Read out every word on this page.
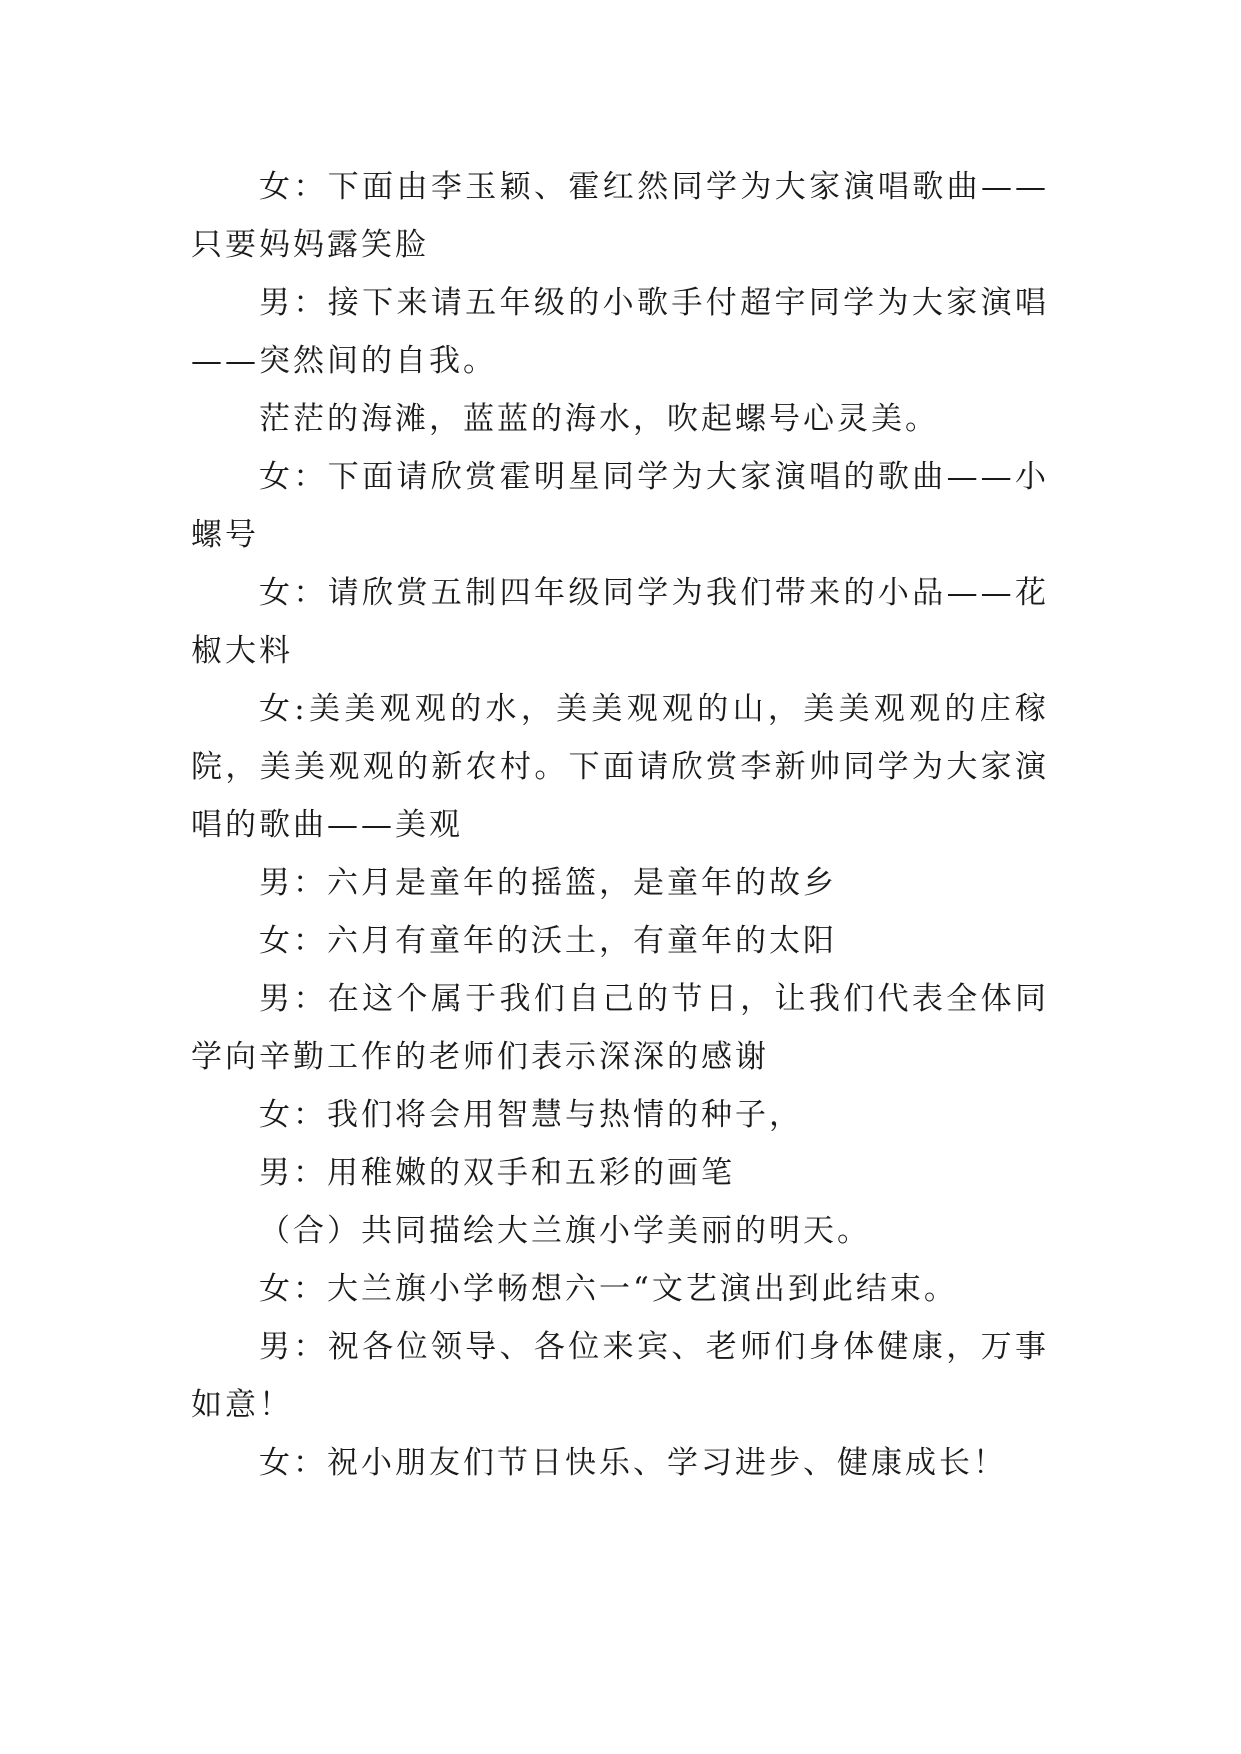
女：下面由李玉颖、霍红然同学为大家演唱歌曲——只要妈妈露笑脸

男：接下来请五年级的小歌手付超宇同学为大家演唱——突然间的自我。

茫茫的海滩，蓝蓝的海水，吹起螺号心灵美。

女：下面请欣赏霍明星同学为大家演唱的歌曲——小螺号

女：请欣赏五制四年级同学为我们带来的小品——花椒大料

女:美美观观的水，美美观观的山，美美观观的庄稼院，美美观观的新农村。下面请欣赏李新帅同学为大家演唱的歌曲——美观

男：六月是童年的摇篮，是童年的故乡

女：六月有童年的沃土，有童年的太阳

男：在这个属于我们自己的节日，让我们代表全体同学向辛勤工作的老师们表示深深的感谢

女：我们将会用智慧与热情的种子，

男：用稚嫩的双手和五彩的画笔

（合）共同描绘大兰旗小学美丽的明天。

女：大兰旗小学畅想六一“文艺演出到此结束。

男：祝各位领导、各位来宾、老师们身体健康，万事如意！

女：祝小朋友们节日快乐、学习进步、健康成长！
